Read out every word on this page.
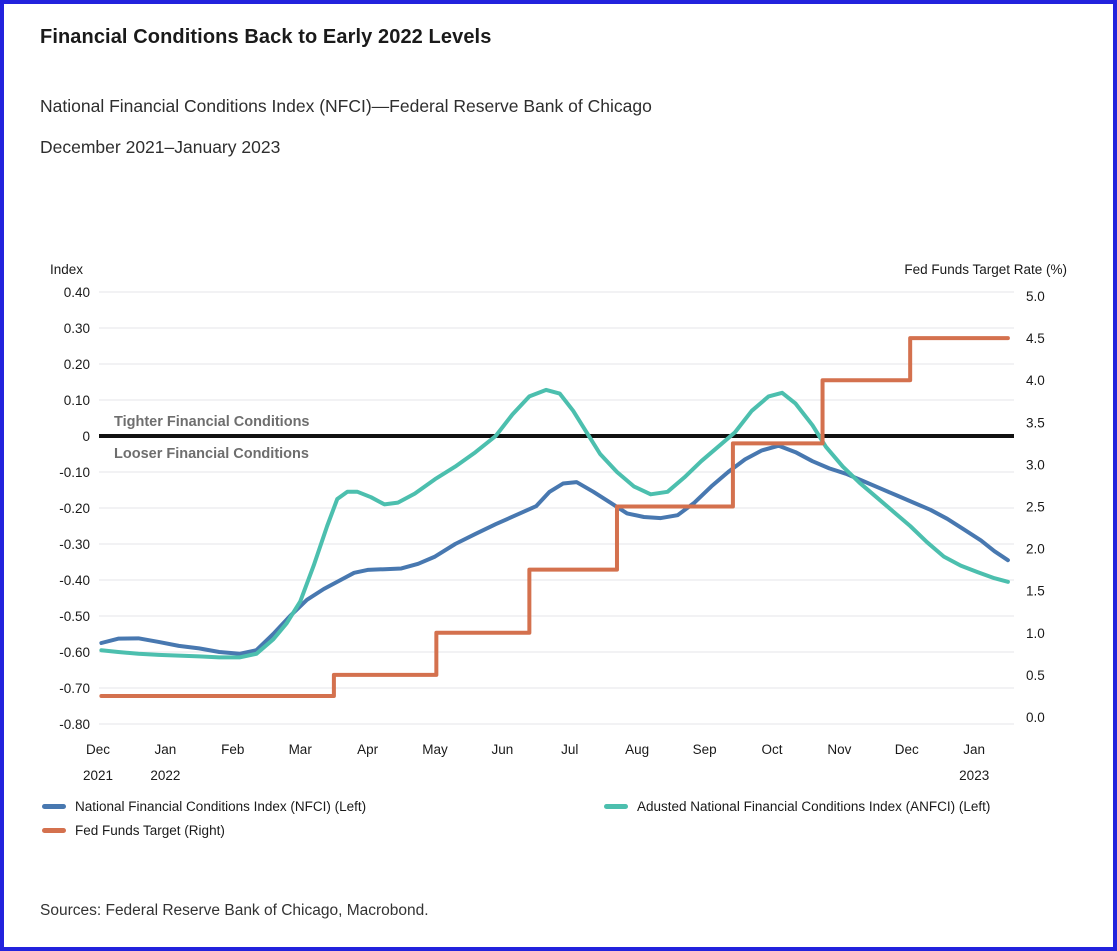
Financial Conditions Back to Early 2022 Levels
National Financial Conditions Index (NFCI)—Federal Reserve Bank of Chicago
December 2021–January 2023
0.40
0.30
0.20
0.10
0
-0.10
-0.20
-0.30
-0.40
-0.50
-0.60
-0.70
-0.80
5.0
4.5
4.0
3.5
3.0
2.5
2.0
1.5
1.0
0.5
0.0
Index	Fed Funds Target Rate (%)
Dec
2021
Jan
2022
Feb	Mar	Apr	May	Jun	Jul	Aug	Sep	Oct	Nov	Dec	Jan
2023
Tighter Financial Conditions
Looser Financial Conditions
National Financial Conditions Index (NFCI) (Left)	Adusted National Financial Conditions Index (ANFCI) (Left)
Fed Funds Target (Right)
Sources: Federal Reserve Bank of Chicago, Macrobond.
